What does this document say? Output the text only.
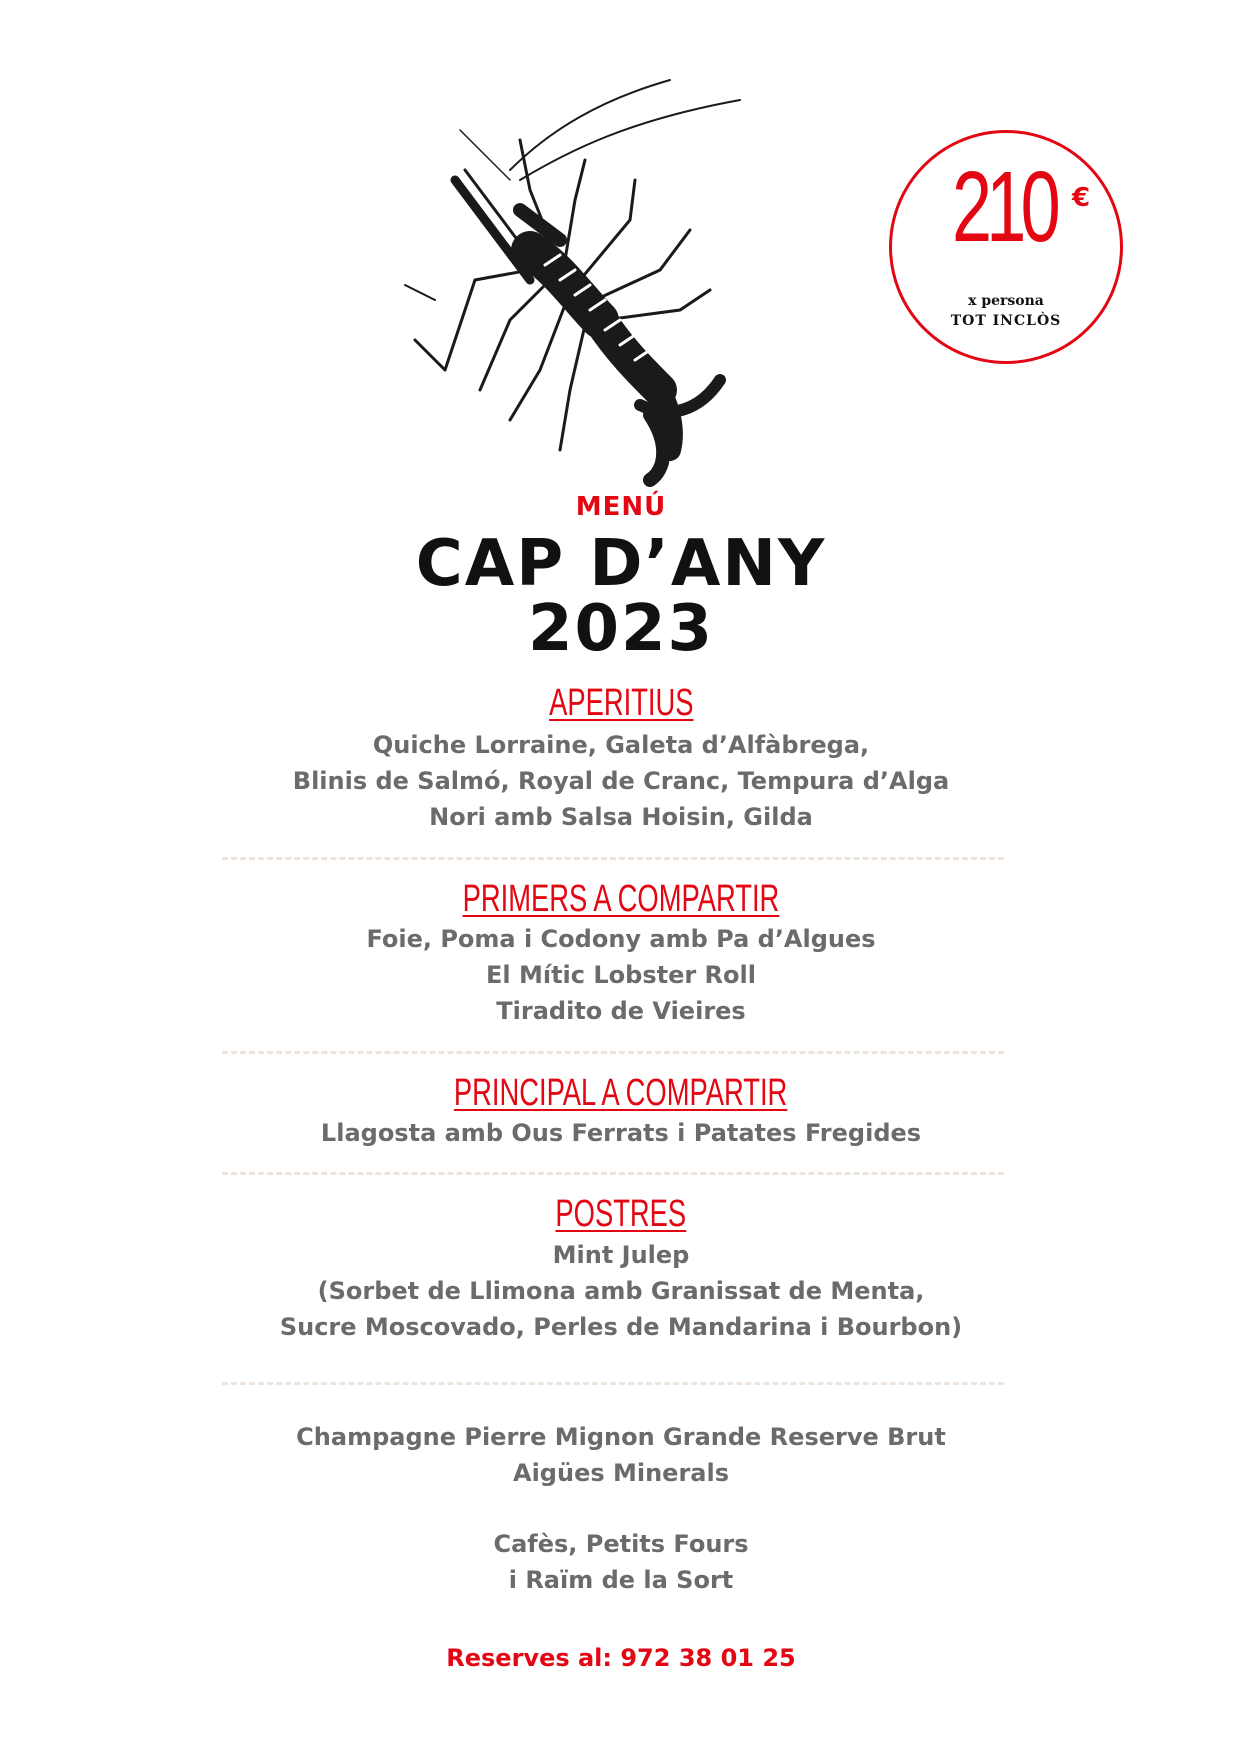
210 €
x persona
TOT INCLÒS
MENÚ
CAP D’ANY
2023
APERITIUS
Quiche Lorraine, Galeta d’Alfàbrega,
Blinis de Salmó, Royal de Cranc, Tempura d’Alga
Nori amb Salsa Hoisin, Gilda
PRIMERS A COMPARTIR
Foie, Poma i Codony amb Pa d’Algues
El Mític Lobster Roll
Tiradito de Vieires
PRINCIPAL A COMPARTIR
Llagosta amb Ous Ferrats i Patates Fregides
POSTRES
Mint Julep
(Sorbet de Llimona amb Granissat de Menta,
Sucre Moscovado, Perles de Mandarina i Bourbon)
Champagne Pierre Mignon Grande Reserve Brut
Aigües Minerals
Cafès, Petits Fours
i Raïm de la Sort
Reserves al: 972 38 01 25
